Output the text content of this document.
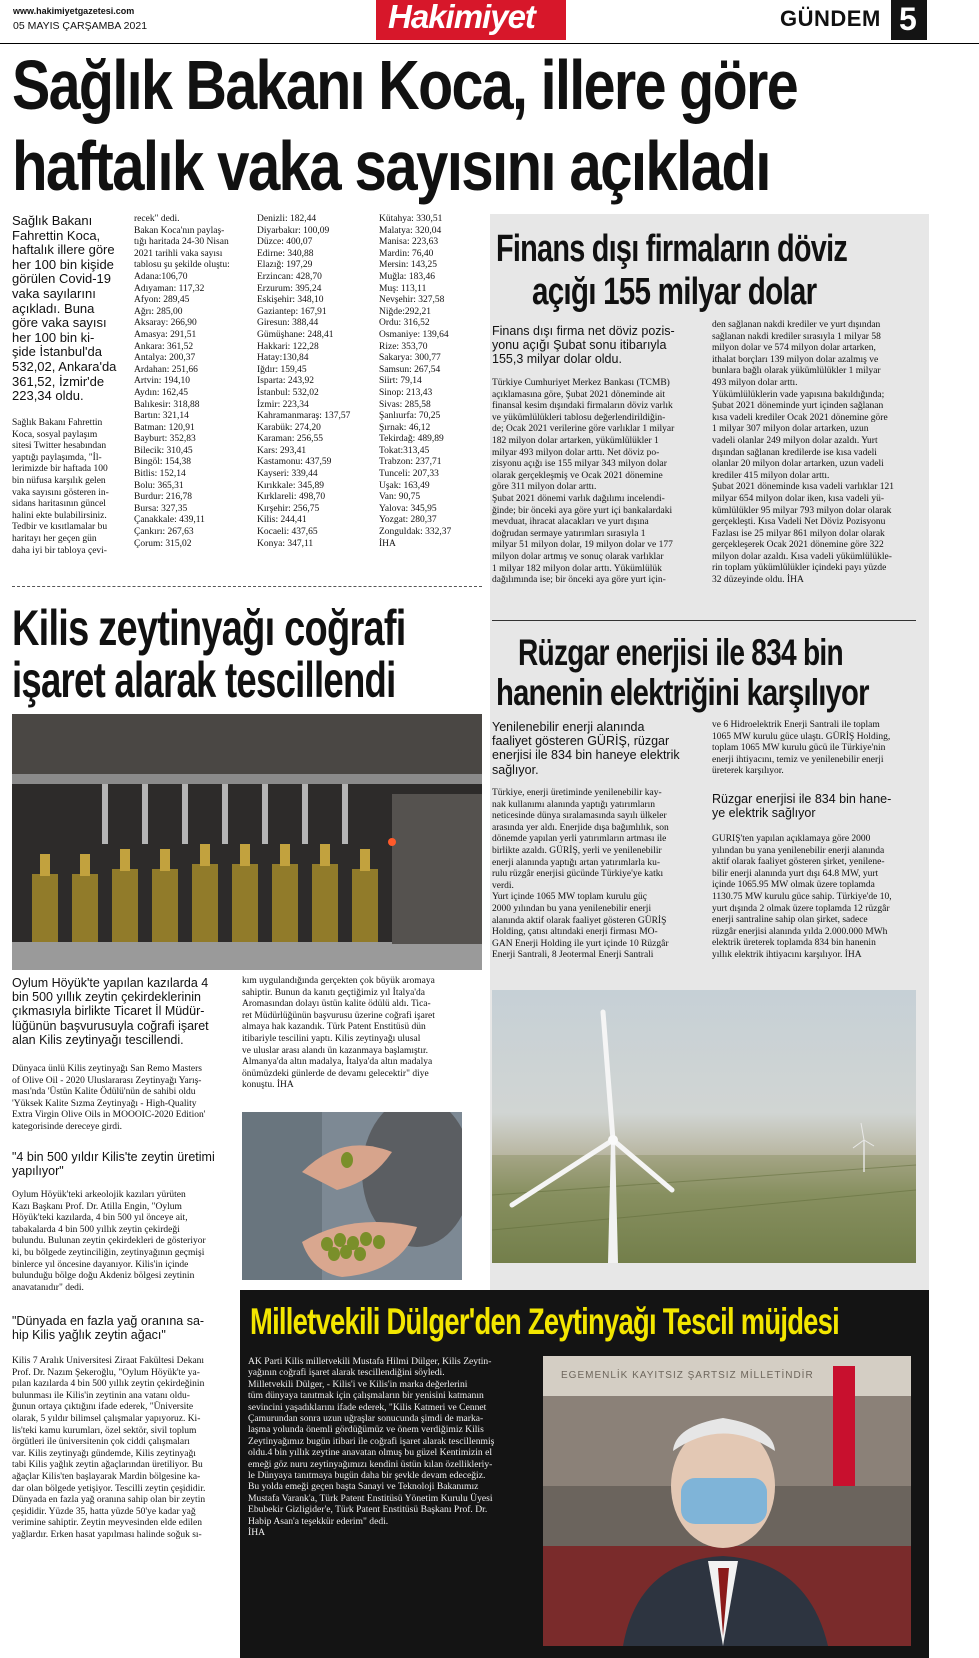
www.hakimiyetgazetesi.com
05 MAYIS ÇARŞAMBA 2021	Hakimiyet	GÜNDEM 5
Sağlık Bakanı Koca, illere göre
haftalık vaka sayısını açıkladı
Sağlık Bakanı
Fahrettin Koca,
haftalık illere göre
her 100 bin kişide
görülen Covid-19
vaka sayılarını
açıkladı. Buna
göre vaka sayısı
her 100 bin ki-
şide İstanbul'da
532,02, Ankara'da
361,52, İzmir'de
223,34 oldu.
Sağlık Bakanı Fahrettin
Koca, sosyal paylaşım
sitesi Twitter hesabından
yaptığı paylaşımda, "İl-
lerimizde bir haftada 100
bin nüfusa karşılık gelen
vaka sayısını gösteren in-
sidans haritasının güncel
halini ekte bulabilirsiniz.
Tedbir ve kısıtlamalar bu
haritayı her geçen gün
daha iyi bir tabloya çevi-
recek" dedi.
Bakan Koca'nın paylaş-
tığı haritada 24-30 Nisan
2021 tarihli vaka sayısı
tablosu şu şekilde oluştu:
Adana:106,70
Adıyaman: 117,32
Afyon: 289,45
Ağrı: 285,00
Aksaray: 266,90
Amasya: 291,51
Ankara: 361,52
Antalya: 200,37
Ardahan: 251,66
Artvin: 194,10
Aydın: 162,45
Balıkesir: 318,88
Bartın: 321,14
Batman: 120,91
Bayburt: 352,83
Bilecik: 310,45
Bingöl: 154,38
Bitlis: 152,14
Bolu: 365,31
Burdur: 216,78
Bursa: 327,35
Çanakkale: 439,11
Çankırı: 267,63
Çorum: 315,02
Denizli: 182,44
Diyarbakır: 100,09
Düzce: 400,07
Edirne: 340,88
Elazığ: 197,29
Erzincan: 428,70
Erzurum: 395,24
Eskişehir: 348,10
Gaziantep: 167,91
Giresun: 388,44
Gümüşhane: 248,41
Hakkari: 122,28
Hatay:130,84
Iğdır: 159,45
Isparta: 243,92
İstanbul: 532,02
İzmir: 223,34
Kahramanmaraş: 137,57
Karabük: 274,20
Karaman: 256,55
Kars: 293,41
Kastamonu: 437,59
Kayseri: 339,44
Kırıkkale: 345,89
Kırklareli: 498,70
Kırşehir: 256,75
Kilis: 244,41
Kocaeli: 437,65
Konya: 347,11
Kütahya: 330,51
Malatya: 320,04
Manisa: 223,63
Mardin: 76,40
Mersin: 143,25
Muğla: 183,46
Muş: 113,11
Nevşehir: 327,58
Niğde:292,21
Ordu: 316,52
Osmaniye: 139,64
Rize: 353,70
Sakarya: 300,77
Samsun: 267,54
Siirt: 79,14
Sinop: 213,43
Sivas: 285,58
Şanlıurfa: 70,25
Şırnak: 46,12
Tekirdağ: 489,89
Tokat:313,45
Trabzon: 237,71
Tunceli: 207,33
Uşak: 163,49
Van: 90,75
Yalova: 345,95
Yozgat: 280,37
Zonguldak: 332,37
İHA
Finans dışı firmaların döviz
açığı 155 milyar dolar
Finans dışı firma net döviz pozis-
yonu açığı Şubat sonu itibarıyla
155,3 milyar dolar oldu.
Türkiye Cumhuriyet Merkez Bankası (TCMB)
açıklamasına göre, Şubat 2021 döneminde ait
finansal kesim dışındaki firmaların döviz varlık
ve yükümlülükleri tablosu değerlendirildiğin-
de; Ocak 2021 verilerine göre varlıklar 1 milyar
182 milyon dolar artarken, yükümlülükler 1
milyar 493 milyon dolar arttı. Net döviz po-
zisyonu açığı ise 155 milyar 343 milyon dolar
olarak gerçekleşmiş ve Ocak 2021 dönemine
göre 311 milyon dolar arttı.
Şubat 2021 dönemi varlık dağılımı incelendi-
ğinde; bir önceki aya göre yurt içi bankalardaki
mevduat, ihracat alacakları ve yurt dışına
doğrudan sermaye yatırımları sırasıyla 1
milyar 51 milyon dolar, 19 milyon dolar ve 177
milyon dolar artmış ve sonuç olarak varlıklar
1 milyar 182 milyon dolar arttı. Yükümlülük
dağılımında ise; bir önceki aya göre yurt için-
den sağlanan nakdi krediler ve yurt dışından
sağlanan nakdi krediler sırasıyla 1 milyar 58
milyon dolar ve 574 milyon dolar artarken,
ithalat borçları 139 milyon dolar azalmış ve
bunlara bağlı olarak yükümlülükler 1 milyar
493 milyon dolar arttı.
Yükümlülüklerin vade yapısına bakıldığında;
Şubat 2021 döneminde yurt içinden sağlanan
kısa vadeli krediler Ocak 2021 dönemine göre
1 milyar 307 milyon dolar artarken, uzun
vadeli olanlar 249 milyon dolar azaldı. Yurt
dışından sağlanan kredilerde ise kısa vadeli
olanlar 20 milyon dolar artarken, uzun vadeli
krediler 415 milyon dolar arttı.
Şubat 2021 döneminde kısa vadeli varlıklar 121
milyar 654 milyon dolar iken, kısa vadeli yü-
kümlülükler 95 milyar 793 milyon dolar olarak
gerçekleşti. Kısa Vadeli Net Döviz Pozisyonu
Fazlası ise 25 milyar 861 milyon dolar olarak
gerçekleşerek Ocak 2021 dönemine göre 322
milyon dolar azaldı. Kısa vadeli yükümlülükle-
rin toplam yükümlülükler içindeki payı yüzde
32 düzeyinde oldu. İHA
Rüzgar enerjisi ile 834 bin
hanenin elektriğini karşılıyor
Yenilenebilir enerji alanında
faaliyet gösteren GÜRİŞ, rüzgar
enerjisi ile 834 bin haneye elektrik
sağlıyor.
Türkiye, enerji üretiminde yenilenebilir kay-
nak kullanımı alanında yaptığı yatırımların
neticesinde dünya sıralamasında sayılı ülkeler
arasında yer aldı. Enerjide dışa bağımlılık, son
dönemde yapılan yerli yatırımların artması ile
birlikte azaldı. GÜRİŞ, yerli ve yenilenebilir
enerji alanında yaptığı artan yatırımlarla ku-
rulu rüzgâr enerjisi gücünde Türkiye'ye katkı
verdi.
Yurt içinde 1065 MW toplam kurulu güç
2000 yılından bu yana yenilenebilir enerji
alanında aktif olarak faaliyet gösteren GÜRİŞ
Holding, çatısı altındaki enerji firması MO-
GAN Enerji Holding ile yurt içinde 10 Rüzgâr
Enerji Santrali, 8 Jeotermal Enerji Santrali
ve 6 Hidroelektrik Enerji Santrali ile toplam
1065 MW kurulu güce ulaştı. GÜRİŞ Holding,
toplam 1065 MW kurulu gücü ile Türkiye'nin
enerji ihtiyacını, temiz ve yenilenebilir enerji
üreterek karşılıyor.
Rüzgar enerjisi ile 834 bin hane-
ye elektrik sağlıyor
GÜRİŞ'ten yapılan açıklamaya göre 2000
yılından bu yana yenilenebilir enerji alanında
aktif olarak faaliyet gösteren şirket, yenilene-
bilir enerji alanında yurt dışı 64.8 MW, yurt
içinde 1065.95 MW olmak üzere toplamda
1130.75 MW kurulu güce sahip. Türkiye'de 10,
yurt dışında 2 olmak üzere toplamda 12 rüzgâr
enerji santraline sahip olan şirket, sadece
rüzgâr enerjisi alanında yılda 2.000.000 MWh
elektrik üreterek toplamda 834 bin hanenin
yıllık elektrik ihtiyacını karşılıyor. İHA
Kilis zeytinyağı coğrafi
işaret alarak tescillendi
Oylum Höyük'te yapılan kazılarda 4
bin 500 yıllık zeytin çekirdeklerinin
çıkmasıyla birlikte Ticaret İl Müdür-
lüğünün başvurusuyla coğrafi işaret
alan Kilis zeytinyağı tescillendi.
Dünyaca ünlü Kilis zeytinyağı San Remo Masters
of Olive Oil - 2020 Uluslararası Zeytinyağı Yarış-
ması'nda 'Üstün Kalite Ödülü'nün de sahibi oldu
'Yüksek Kalite Sızma Zeytinyağı - High-Quality
Extra Virgin Olive Oils in MOOOIC-2020 Edition'
kategorisinde dereceye girdi.
"4 bin 500 yıldır Kilis'te zeytin üretimi
yapılıyor"
Oylum Höyük'teki arkeolojik kazıları yürüten
Kazı Başkanı Prof. Dr. Atilla Engin, "Oylum
Höyük'teki kazılarda, 4 bin 500 yıl önceye ait,
tabakalarda 4 bin 500 yıllık zeytin çekirdeği
bulundu. Bulunan zeytin çekirdekleri de gösteriyor
ki, bu bölgede zeytinciliğin, zeytinyağının geçmişi
binlerce yıl öncesine dayanıyor. Kilis'in içinde
bulunduğu bölge doğu Akdeniz bölgesi zeytinin
anavatanıdır" dedi.
"Dünyada en fazla yağ oranına sa-
hip Kilis yağlık zeytin ağacı"
Kilis 7 Aralık Üniversitesi Ziraat Fakültesi Dekanı
Prof. Dr. Nazım Şekeroğlu, "Oylum Höyük'te ya-
pılan kazılarda 4 bin 500 yıllık zeytin çekirdeğinin
bulunması ile Kilis'in zeytinin ana vatanı oldu-
ğunun ortaya çıktığını ifade ederek, "Üniversite
olarak, 5 yıldır bilimsel çalışmalar yapıyoruz. Ki-
lis'teki kamu kurumları, özel sektör, sivil toplum
örgütleri ile üniversitenin çok ciddi çalışmaları
var. Kilis zeytinyağı gündemde, Kilis zeytinyağı
tabi Kilis yağlık zeytin ağaçlarından üretiliyor. Bu
ağaçlar Kilis'ten başlayarak Mardin bölgesine ka-
dar olan bölgede yetişiyor. Tescilli zeytin çeşididir.
Dünyada en fazla yağ oranına sahip olan bir zeytin
çeşididir. Yüzde 35, hatta yüzde 50'ye kadar yağ
verimine sahiptir. Zeytin meyvesinden elde edilen
yağlardır. Erken hasat yapılması halinde soğuk sı-
kım uygulandığında gerçekten çok büyük aromaya
sahiptir. Bunun da kanıtı geçtiğimiz yıl İtalya'da
Aromasından dolayı üstün kalite ödülü aldı. Tica-
ret Müdürlüğünün başvurusu üzerine coğrafi işaret
almaya hak kazandık. Türk Patent Enstitüsü dün
itibariyle tescilini yaptı. Kilis zeytinyağı ulusal
ve uluslar arası alandı ün kazanmaya başlamıştır.
Almanya'da altın madalya, İtalya'da altın madalya
önümüzdeki günlerde de devamı gelecektir" diye
konuştu. İHA
Milletvekili Dülger'den Zeytinyağı Tescil müjdesi
AK Parti Kilis milletvekili Mustafa Hilmi Dülger, Kilis Zeytin-
yağının coğrafi işaret alarak tescillendiğini söyledi.
Milletvekili Dülger, - Kilis'i ve Kilis'in marka değerlerini
tüm dünyaya tanıtmak için çalışmaların bir yenisini katmanın
sevincini yaşadıklarını ifade ederek, "Kilis Katmeri ve Cennet
Çamurundan sonra uzun uğraşlar sonucunda şimdi de marka-
laşma yolunda önemli gördüğümüz ve önem verdiğimiz Kilis
Zeytinyağımız bugün itibari ile coğrafi işaret alarak tescillenmiş
oldu.4 bin yıllık zeytine anavatan olmuş bu güzel Kentimizin el
emeği göz nuru zeytinyağımızı kendini üstün kılan özellikleriy-
le Dünyaya tanıtmaya bugün daha bir şevkle devam edeceğiz.
Bu yolda emeği geçen başta Sanayi ve Teknoloji Bakanımız
Mustafa Varank'a, Türk Patent Enstitüsü Yönetim Kurulu Üyesi
Ebubekir Gizligider'e, Türk Patent Enstitüsü Başkanı Prof. Dr.
Habip Asan'a teşekkür ederim" dedi.
İHA
EGEMENLİK KAYITSIZ ŞARTSIZ MİLLETİNDİR
